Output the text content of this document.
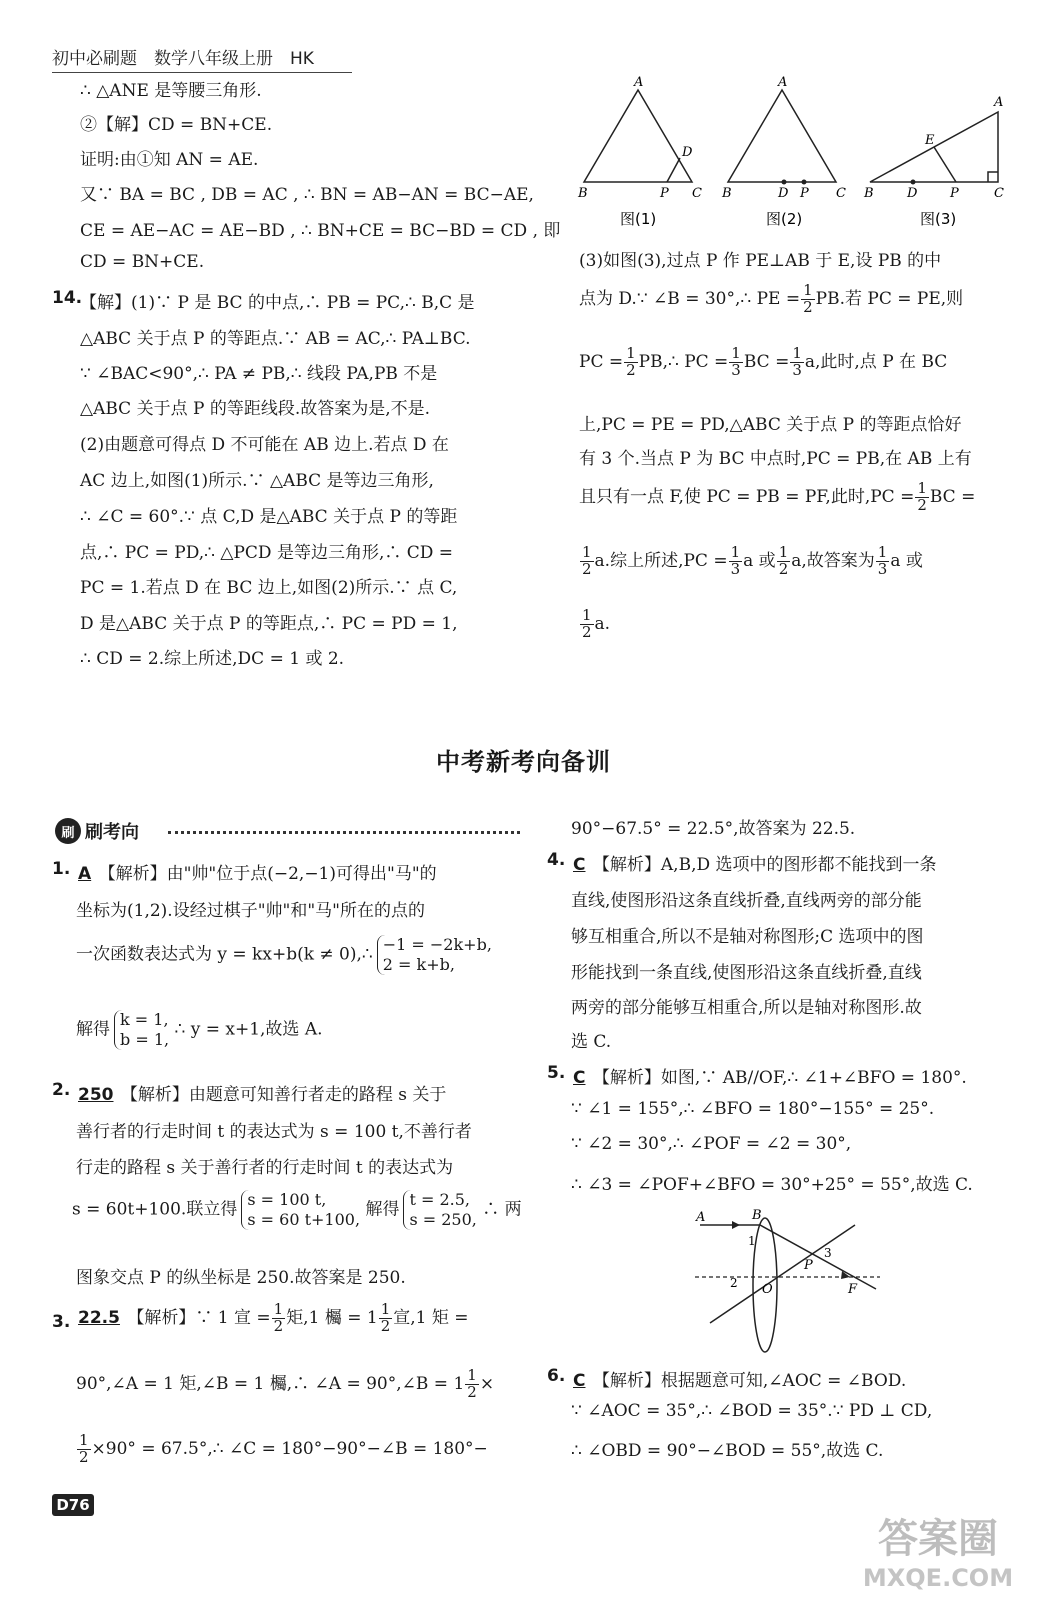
初中必刷题　数学八年级上册　HK
∴ △ANE 是等腰三角形.
②【解】CD = BN+CE.
证明:由①知 AN = AE.
又∵ BA = BC , DB = AC , ∴ BN = AB−AN = BC−AE,
CE = AE−AC = AE−BD , ∴ BN+CE = BC−BD = CD , 即
CD = BN+CE.
14.
【解】(1)∵ P 是 BC 的中点,∴ PB = PC,∴ B,C 是
△ABC 关于点 P 的等距点.∵ AB = AC,∴ PA⊥BC.
∵ ∠BAC<90°,∴ PA ≠ PB,∴ 线段 PA,PB 不是
△ABC 关于点 P 的等距线段.故答案为是,不是.
(2)由题意可得点 D 不可能在 AB 边上.若点 D 在
AC 边上,如图(1)所示.∵ △ABC 是等边三角形,
∴ ∠C = 60°.∵ 点 C,D 是△ABC 关于点 P 的等距
点,∴ PC = PD,∴ △PCD 是等边三角形,∴ CD =
PC = 1.若点 D 在 BC 边上,如图(2)所示.∵ 点 C,
D 是△ABC 关于点 P 的等距点,∴ PC = PD = 1,
∴ CD = 2.综上所述,DC = 1 或 2.
A
B	C
D
P
图(1)
A
B	C
D P
图(2)
A
B	C
E
D	P
图(3)
(3)如图(3),过点 P 作 PE⊥AB 于 E,设 PB 的中
点为 D.∵ ∠B = 30°,∴ PE = $\frac{1}{2}$ PB.若 PC = PE,则
PC = $\frac{1}{2}$ PB,∴ PC = $\frac{1}{3}$ BC = $\frac{1}{3} a$,此时,点 P 在 BC
上,PC = PE = PD,△ABC 关于点 P 的等距点恰好
有 3 个.当点 P 为 BC 中点时,PC = PB,在 AB 上有
且只有一点 F,使 PC = PB = PF,此时$,PC = \frac{1}{2}$ BC =
$\frac{1}{2} a$.综上所述$,PC = \frac{1}{3}$ a 或 $\frac{1}{2} a$,故答案为 $\frac{1}{3}$ a 或
$\frac{1}{2} a$.
中考新考向备训
刷 刷考向
1. A 【解析】由"帅"位于点(−2,−1)可得出"马"的
坐标为(1,2).设经过棋子"帅"和"马"所在的点的
一次函数表达式为 y = kx+b(k ≠ 0),∴ −1 = −2k+b,
2 = k+b,
解得 k = 1,
b = 1, ∴ y = x+1,故选 A.
2. 250 【解析】由题意可知善行者走的路程 s 关于
善行者的行走时间 t 的表达式为 s = 100 t,不善行者
行走的路程 s 关于善行者的行走时间 t 的表达式为
s = 60t+100.联立得 s = 100 t,
s = 60 t+100, 解得 t = 2.5,
s = 250, ∴ 两
图象交点 P 的纵坐标是 250.故答案是 250.
3. 22.5 【解析】∵ 1 宣 = $\frac{1}{2}$ 矩,1 欘 = $1 \frac{1}{2}$ 宣,1 矩 =
90°,∠A = 1 矩,∠B = 1 欘,∴ ∠A = 90°,∠B = $1 \frac{1}{2}$ ×
$\frac{1}{2} \times 90^\circ$ = 67.5°,∴ ∠C = 180°−90°−∠B = 180°−
90°−67.5° = 22.5°,故答案为 22.5.
4. C 【解析】A,B,D 选项中的图形都不能找到一条
直线,使图形沿这条直线折叠,直线两旁的部分能
够互相重合,所以不是轴对称图形;C 选项中的图
形能找到一条直线,使图形沿这条直线折叠,直线
两旁的部分能够互相重合,所以是轴对称图形.故
选 C.
5. C 【解析】如图,∵ AB//OF,∴ ∠1+∠BFO = 180°.
∵ ∠1 = 155°,∴ ∠BFO = 180°−155° = 25°.
∵ ∠2 = 30°,∴ ∠POF = ∠2 = 30°,
∴ ∠3 = ∠POF+∠BFO = 30°+25° = 55°,故选 C.
6. C 【解析】根据题意可知,∠AOC = ∠BOD.
∵ ∠AOC = 35°,∴ ∠BOD = 35°.∵ PD ⊥ CD,
∴ ∠OBD = 90°−∠BOD = 55°,故选 C.
A	B
1
2
3
O
P
F
D76
答案圈
MXQE.COM
